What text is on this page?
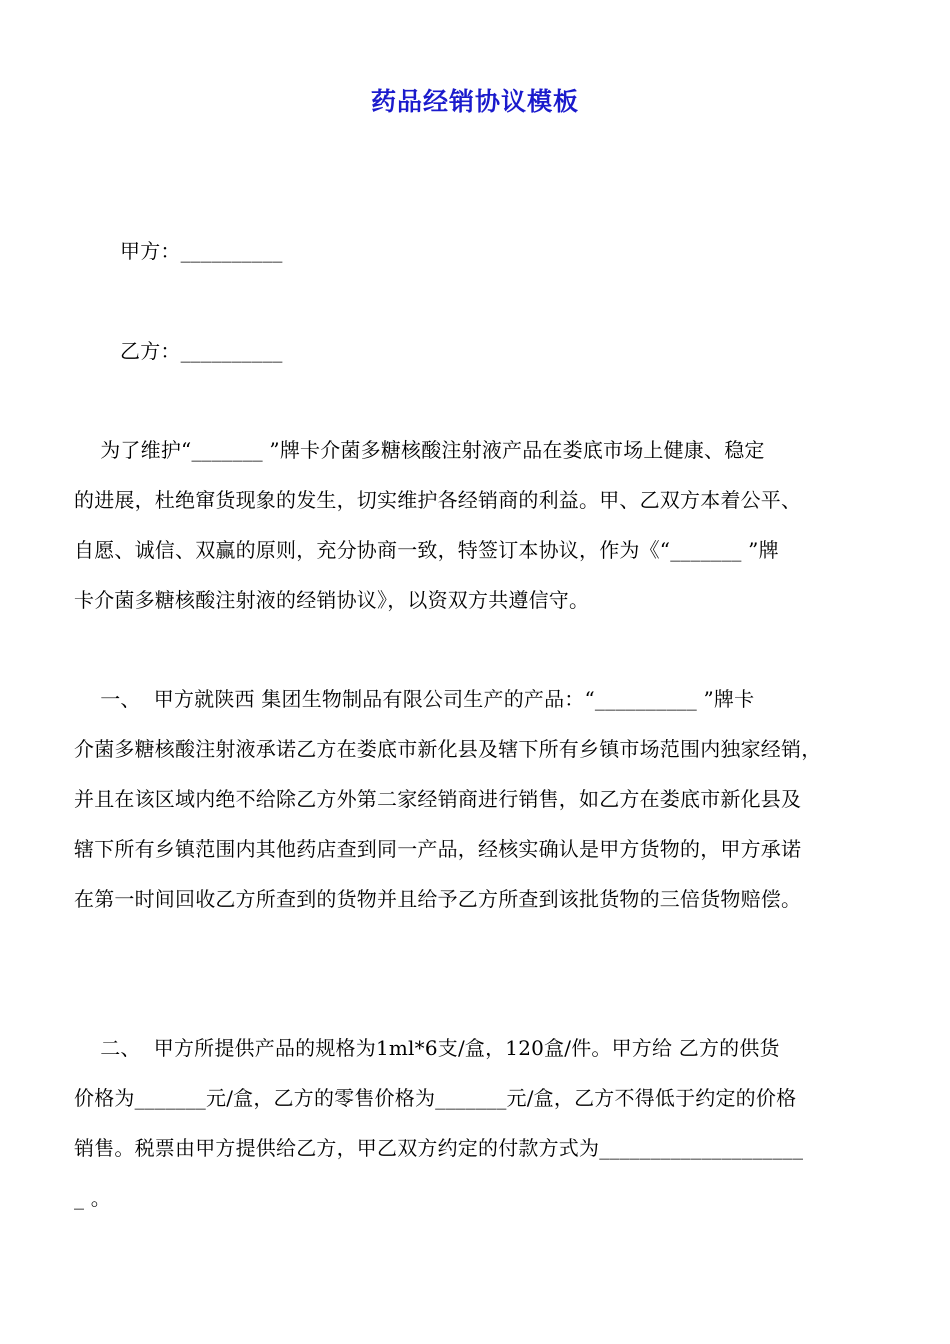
药品经销协议模板
甲方：__________
乙方：__________
为了维护“_______ ”牌卡介菌多糖核酸注射液产品在娄底市场上健康、稳定
的进展，杜绝窜货现象的发生，切实维护各经销商的利益。甲、乙双方本着公平、
自愿、诚信、双赢的原则，充分协商一致，特签订本协议，作为《“_______ ”牌
卡介菌多糖核酸注射液的经销协议》，以资双方共遵信守。
一、  甲方就陕西 集团生物制品有限公司生产的产品：“__________ ”牌卡
介菌多糖核酸注射液承诺乙方在娄底市新化县及辖下所有乡镇市场范围内独家经销，
并且在该区域内绝不给除乙方外第二家经销商进行销售，如乙方在娄底市新化县及
辖下所有乡镇范围内其他药店查到同一产品，经核实确认是甲方货物的，甲方承诺
在第一时间回收乙方所查到的货物并且给予乙方所查到该批货物的三倍货物赔偿。
二、  甲方所提供产品的规格为1ml*6支/盒，120盒/件。甲方给 乙方的供货
价格为_______元/盒，乙方的零售价格为_______元/盒，乙方不得低于约定的价格
销售。税票由甲方提供给乙方，甲乙双方约定的付款方式为____________________
_ 。
